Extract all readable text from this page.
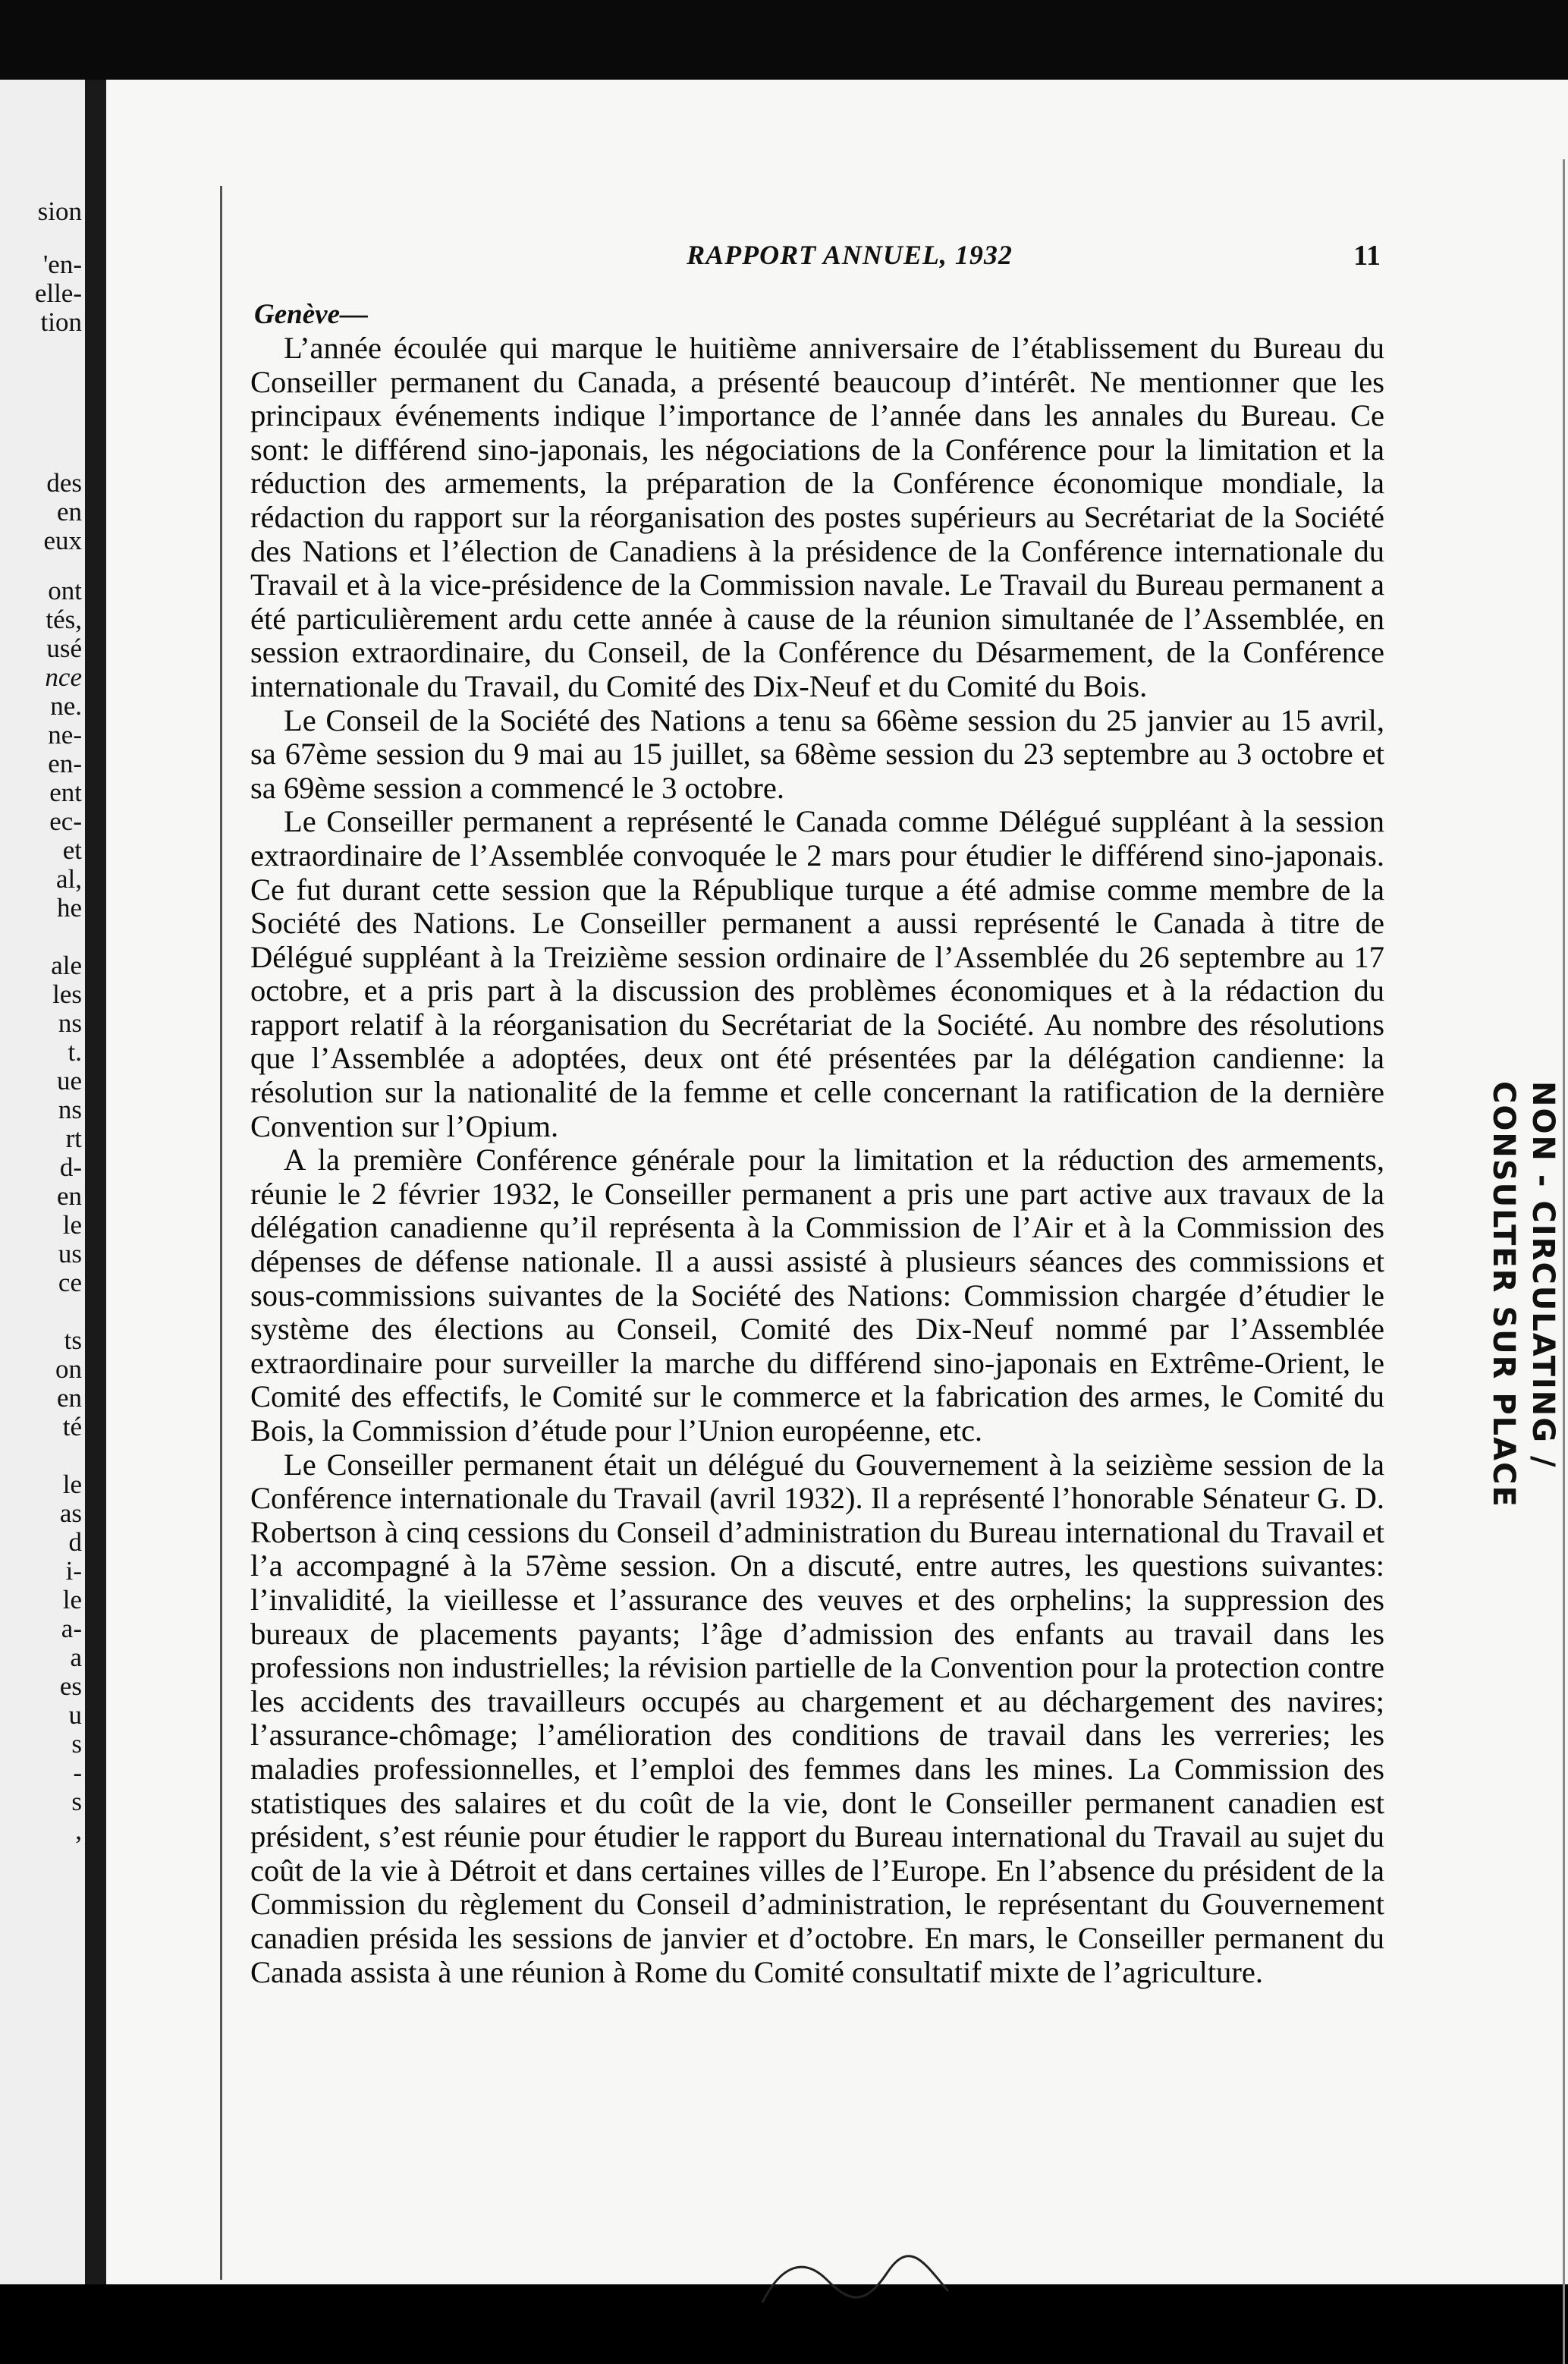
sion
'en-
elle-
tion
des
en
eux
ont
tés,
usé
nce
ne.
ne-
en-
ent
ec-
et
al,
he
ale
les
ns
t.
ue
ns
rt
d-
en
le
us
ce
ts
on
en
té
le
as
d
i-
le
a-
a
es
u
s
-
s
,
RAPPORT ANNUEL, 1932	11
Genève—

L’année écoulée qui marque le huitième anniversaire de l’établissement du Bureau du Conseiller permanent du Canada, a présenté beaucoup d’intérêt. Ne mentionner que les principaux événements indique l’importance de l’année dans les annales du Bureau. Ce sont: le différend sino-japonais, les négociations de la Conférence pour la limitation et la réduction des armements, la préparation de la Conférence économique mondiale, la rédaction du rapport sur la réorganisation des postes supérieurs au Secrétariat de la Société des Nations et l’élection de Canadiens à la présidence de la Conférence internationale du Travail et à la vice-présidence de la Commission navale. Le Travail du Bureau permanent a été particulièrement ardu cette année à cause de la réunion simultanée de l’Assemblée, en session extraordinaire, du Conseil, de la Conférence du Désarmement, de la Conférence internationale du Travail, du Comité des Dix-Neuf et du Comité du Bois.

Le Conseil de la Société des Nations a tenu sa 66ème session du 25 janvier au 15 avril, sa 67ème session du 9 mai au 15 juillet, sa 68ème session du 23 septembre au 3 octobre et sa 69ème session a commencé le 3 octobre.

Le Conseiller permanent a représenté le Canada comme Délégué suppléant à la session extraordinaire de l’Assemblée convoquée le 2 mars pour étudier le différend sino-japonais. Ce fut durant cette session que la République turque a été admise comme membre de la Société des Nations. Le Conseiller permanent a aussi représenté le Canada à titre de Délégué suppléant à la Treizième session ordinaire de l’Assemblée du 26 septembre au 17 octobre, et a pris part à la discussion des problèmes économiques et à la rédaction du rapport relatif à la réorganisation du Secrétariat de la Société. Au nombre des résolutions que l’Assemblée a adoptées, deux ont été présentées par la délégation candienne: la résolution sur la nationalité de la femme et celle concernant la ratification de la dernière Convention sur l’Opium.

A la première Conférence générale pour la limitation et la réduction des armements, réunie le 2 février 1932, le Conseiller permanent a pris une part active aux travaux de la délégation canadienne qu’il représenta à la Commission de l’Air et à la Commission des dépenses de défense nationale. Il a aussi assisté à plusieurs séances des commissions et sous-commissions suivantes de la Société des Nations: Commission chargée d’étudier le système des élections au Conseil, Comité des Dix-Neuf nommé par l’Assemblée extraordinaire pour surveiller la marche du différend sino-japonais en Extrême-Orient, le Comité des effectifs, le Comité sur le commerce et la fabrication des armes, le Comité du Bois, la Commission d’étude pour l’Union européenne, etc.

Le Conseiller permanent était un délégué du Gouvernement à la seizième session de la Conférence internationale du Travail (avril 1932). Il a représenté l’honorable Sénateur G. D. Robertson à cinq cessions du Conseil d’administration du Bureau international du Travail et l’a accompagné à la 57ème session. On a discuté, entre autres, les questions suivantes: l’invalidité, la vieillesse et l’assurance des veuves et des orphelins; la suppression des bureaux de placements payants; l’âge d’admission des enfants au travail dans les professions non industrielles; la révision partielle de la Convention pour la protection contre les accidents des travailleurs occupés au chargement et au déchargement des navires; l’assurance-chômage; l’amélioration des conditions de travail dans les verreries; les maladies professionnelles, et l’emploi des femmes dans les mines. La Commission des statistiques des salaires et du coût de la vie, dont le Conseiller permanent canadien est président, s’est réunie pour étudier le rapport du Bureau international du Travail au sujet du coût de la vie à Détroit et dans certaines villes de l’Europe. En l’absence du président de la Commission du règlement du Conseil d’administration, le représentant du Gouvernement canadien présida les sessions de janvier et d’octobre. En mars, le Conseiller permanent du Canada assista à une réunion à Rome du Comité consultatif mixte de l’agriculture.

NON - CIRCULATING /
CONSULTER SUR PLACE
